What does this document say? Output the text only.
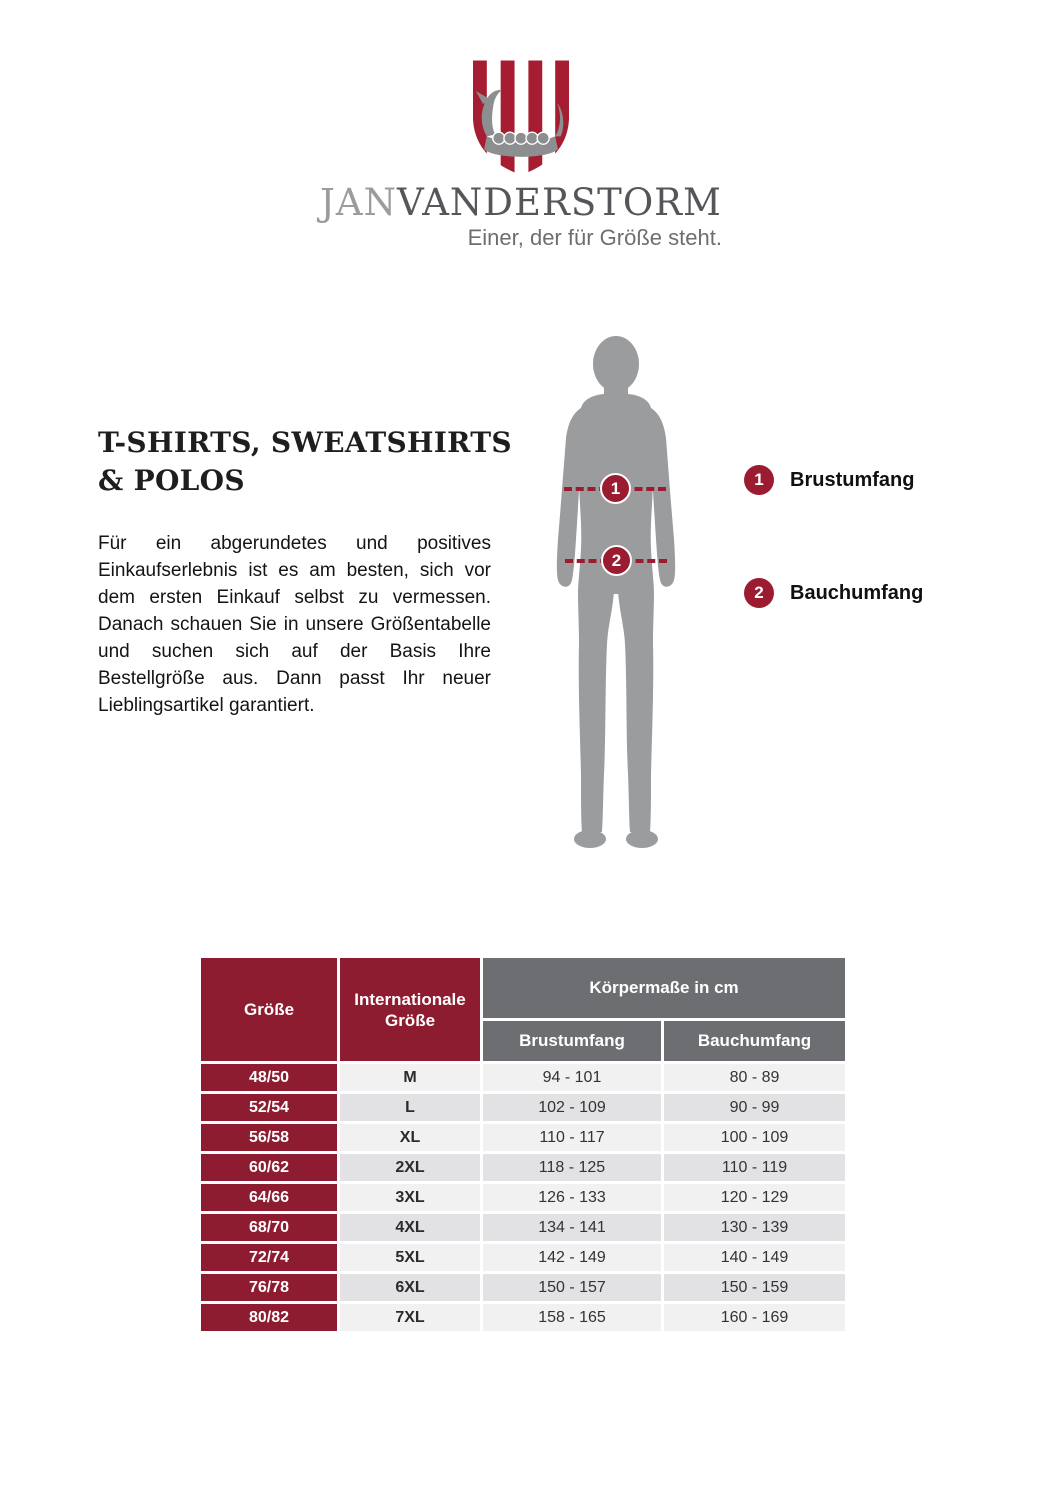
JANVANDERSTORM
Einer, der für Größe steht.
T-SHIRTS, SWEATSHIRTS
& POLOS

Für ein abgerundetes und positives Einkaufserlebnis ist es am besten, sich vor dem ersten Einkauf selbst zu vermessen. Danach schauen Sie in unsere Größentabelle und suchen sich auf der Basis Ihre Bestellgröße aus. Dann passt Ihr neuer Lieblingsartikel garantiert.

1
2
1	Brustumfang
2	Bauchumfang
Größe	Internationale Größe	Körpermaße in cm	
		Brustumfang	Bauchumfang
48/50	M	94 - 101	80 - 89
52/54	L	102 - 109	90 - 99
56/58	XL	110 - 117	100 - 109
60/62	2XL	118 - 125	110 - 119
64/66	3XL	126 - 133	120 - 129
68/70	4XL	134 - 141	130 - 139
72/74	5XL	142 - 149	140 - 149
76/78	6XL	150 - 157	150 - 159
80/82	7XL	158 - 165	160 - 169
